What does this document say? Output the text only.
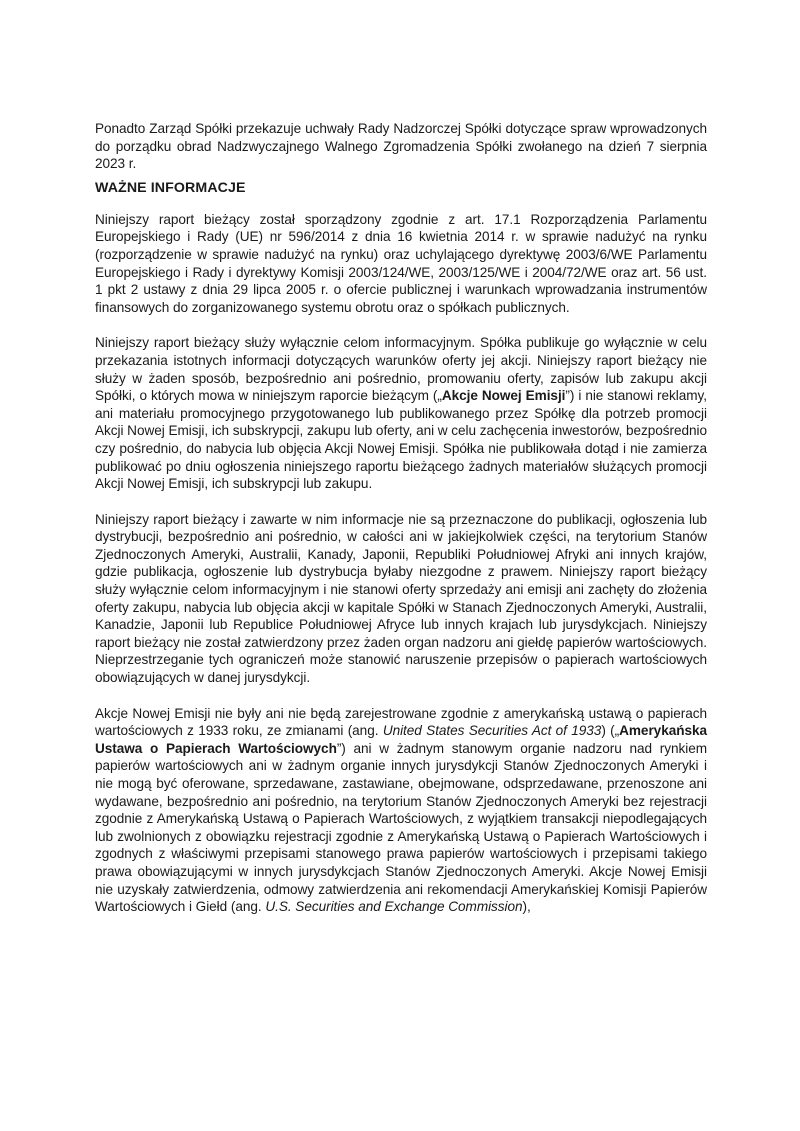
Ponadto Zarząd Spółki przekazuje uchwały Rady Nadzorczej Spółki dotyczące spraw wprowadzonych do porządku obrad Nadzwyczajnego Walnego Zgromadzenia Spółki zwołanego na dzień 7 sierpnia 2023 r.

WAŻNE INFORMACJE

Niniejszy raport bieżący został sporządzony zgodnie z art. 17.1 Rozporządzenia Parlamentu Europejskiego i Rady (UE) nr 596/2014 z dnia 16 kwietnia 2014 r. w sprawie nadużyć na rynku (rozporządzenie w sprawie nadużyć na rynku) oraz uchylającego dyrektywę 2003/6/WE Parlamentu Europejskiego i Rady i dyrektywy Komisji 2003/124/WE, 2003/125/WE i 2004/72/WE oraz art. 56 ust. 1 pkt 2 ustawy z dnia 29 lipca 2005 r. o ofercie publicznej i warunkach wprowadzania instrumentów finansowych do zorganizowanego systemu obrotu oraz o spółkach publicznych.

Niniejszy raport bieżący służy wyłącznie celom informacyjnym. Spółka publikuje go wyłącznie w celu przekazania istotnych informacji dotyczących warunków oferty jej akcji. Niniejszy raport bieżący nie służy w żaden sposób, bezpośrednio ani pośrednio, promowaniu oferty, zapisów lub zakupu akcji Spółki, o których mowa w niniejszym raporcie bieżącym („Akcje Nowej Emisji”) i nie stanowi reklamy, ani materiału promocyjnego przygotowanego lub publikowanego przez Spółkę dla potrzeb promocji Akcji Nowej Emisji, ich subskrypcji, zakupu lub oferty, ani w celu zachęcenia inwestorów, bezpośrednio czy pośrednio, do nabycia lub objęcia Akcji Nowej Emisji. Spółka nie publikowała dotąd i nie zamierza publikować po dniu ogłoszenia niniejszego raportu bieżącego żadnych materiałów służących promocji Akcji Nowej Emisji, ich subskrypcji lub zakupu.

Niniejszy raport bieżący i zawarte w nim informacje nie są przeznaczone do publikacji, ogłoszenia lub dystrybucji, bezpośrednio ani pośrednio, w całości ani w jakiejkolwiek części, na terytorium Stanów Zjednoczonych Ameryki, Australii, Kanady, Japonii, Republiki Południowej Afryki ani innych krajów, gdzie publikacja, ogłoszenie lub dystrybucja byłaby niezgodne z prawem. Niniejszy raport bieżący służy wyłącznie celom informacyjnym i nie stanowi oferty sprzedaży ani emisji ani zachęty do złożenia oferty zakupu, nabycia lub objęcia akcji w kapitale Spółki w Stanach Zjednoczonych Ameryki, Australii, Kanadzie, Japonii lub Republice Południowej Afryce lub innych krajach lub jurysdykcjach. Niniejszy raport bieżący nie został zatwierdzony przez żaden organ nadzoru ani giełdę papierów wartościowych. Nieprzestrzeganie tych ograniczeń może stanowić naruszenie przepisów o papierach wartościowych obowiązujących w danej jurysdykcji.

Akcje Nowej Emisji nie były ani nie będą zarejestrowane zgodnie z amerykańską ustawą o papierach wartościowych z 1933 roku, ze zmianami (ang. United States Securities Act of 1933) („Amerykańska Ustawa o Papierach Wartościowych”) ani w żadnym stanowym organie nadzoru nad rynkiem papierów wartościowych ani w żadnym organie innych jurysdykcji Stanów Zjednoczonych Ameryki i nie mogą być oferowane, sprzedawane, zastawiane, obejmowane, odsprzedawane, przenoszone ani wydawane, bezpośrednio ani pośrednio, na terytorium Stanów Zjednoczonych Ameryki bez rejestracji zgodnie z Amerykańską Ustawą o Papierach Wartościowych, z wyjątkiem transakcji niepodlegających lub zwolnionych z obowiązku rejestracji zgodnie z Amerykańską Ustawą o Papierach Wartościowych i zgodnych z właściwymi przepisami stanowego prawa papierów wartościowych i przepisami takiego prawa obowiązującymi w innych jurysdykcjach Stanów Zjednoczonych Ameryki. Akcje Nowej Emisji nie uzyskały zatwierdzenia, odmowy zatwierdzenia ani rekomendacji Amerykańskiej Komisji Papierów Wartościowych i Giełd (ang. U.S. Securities and Exchange Commission),
